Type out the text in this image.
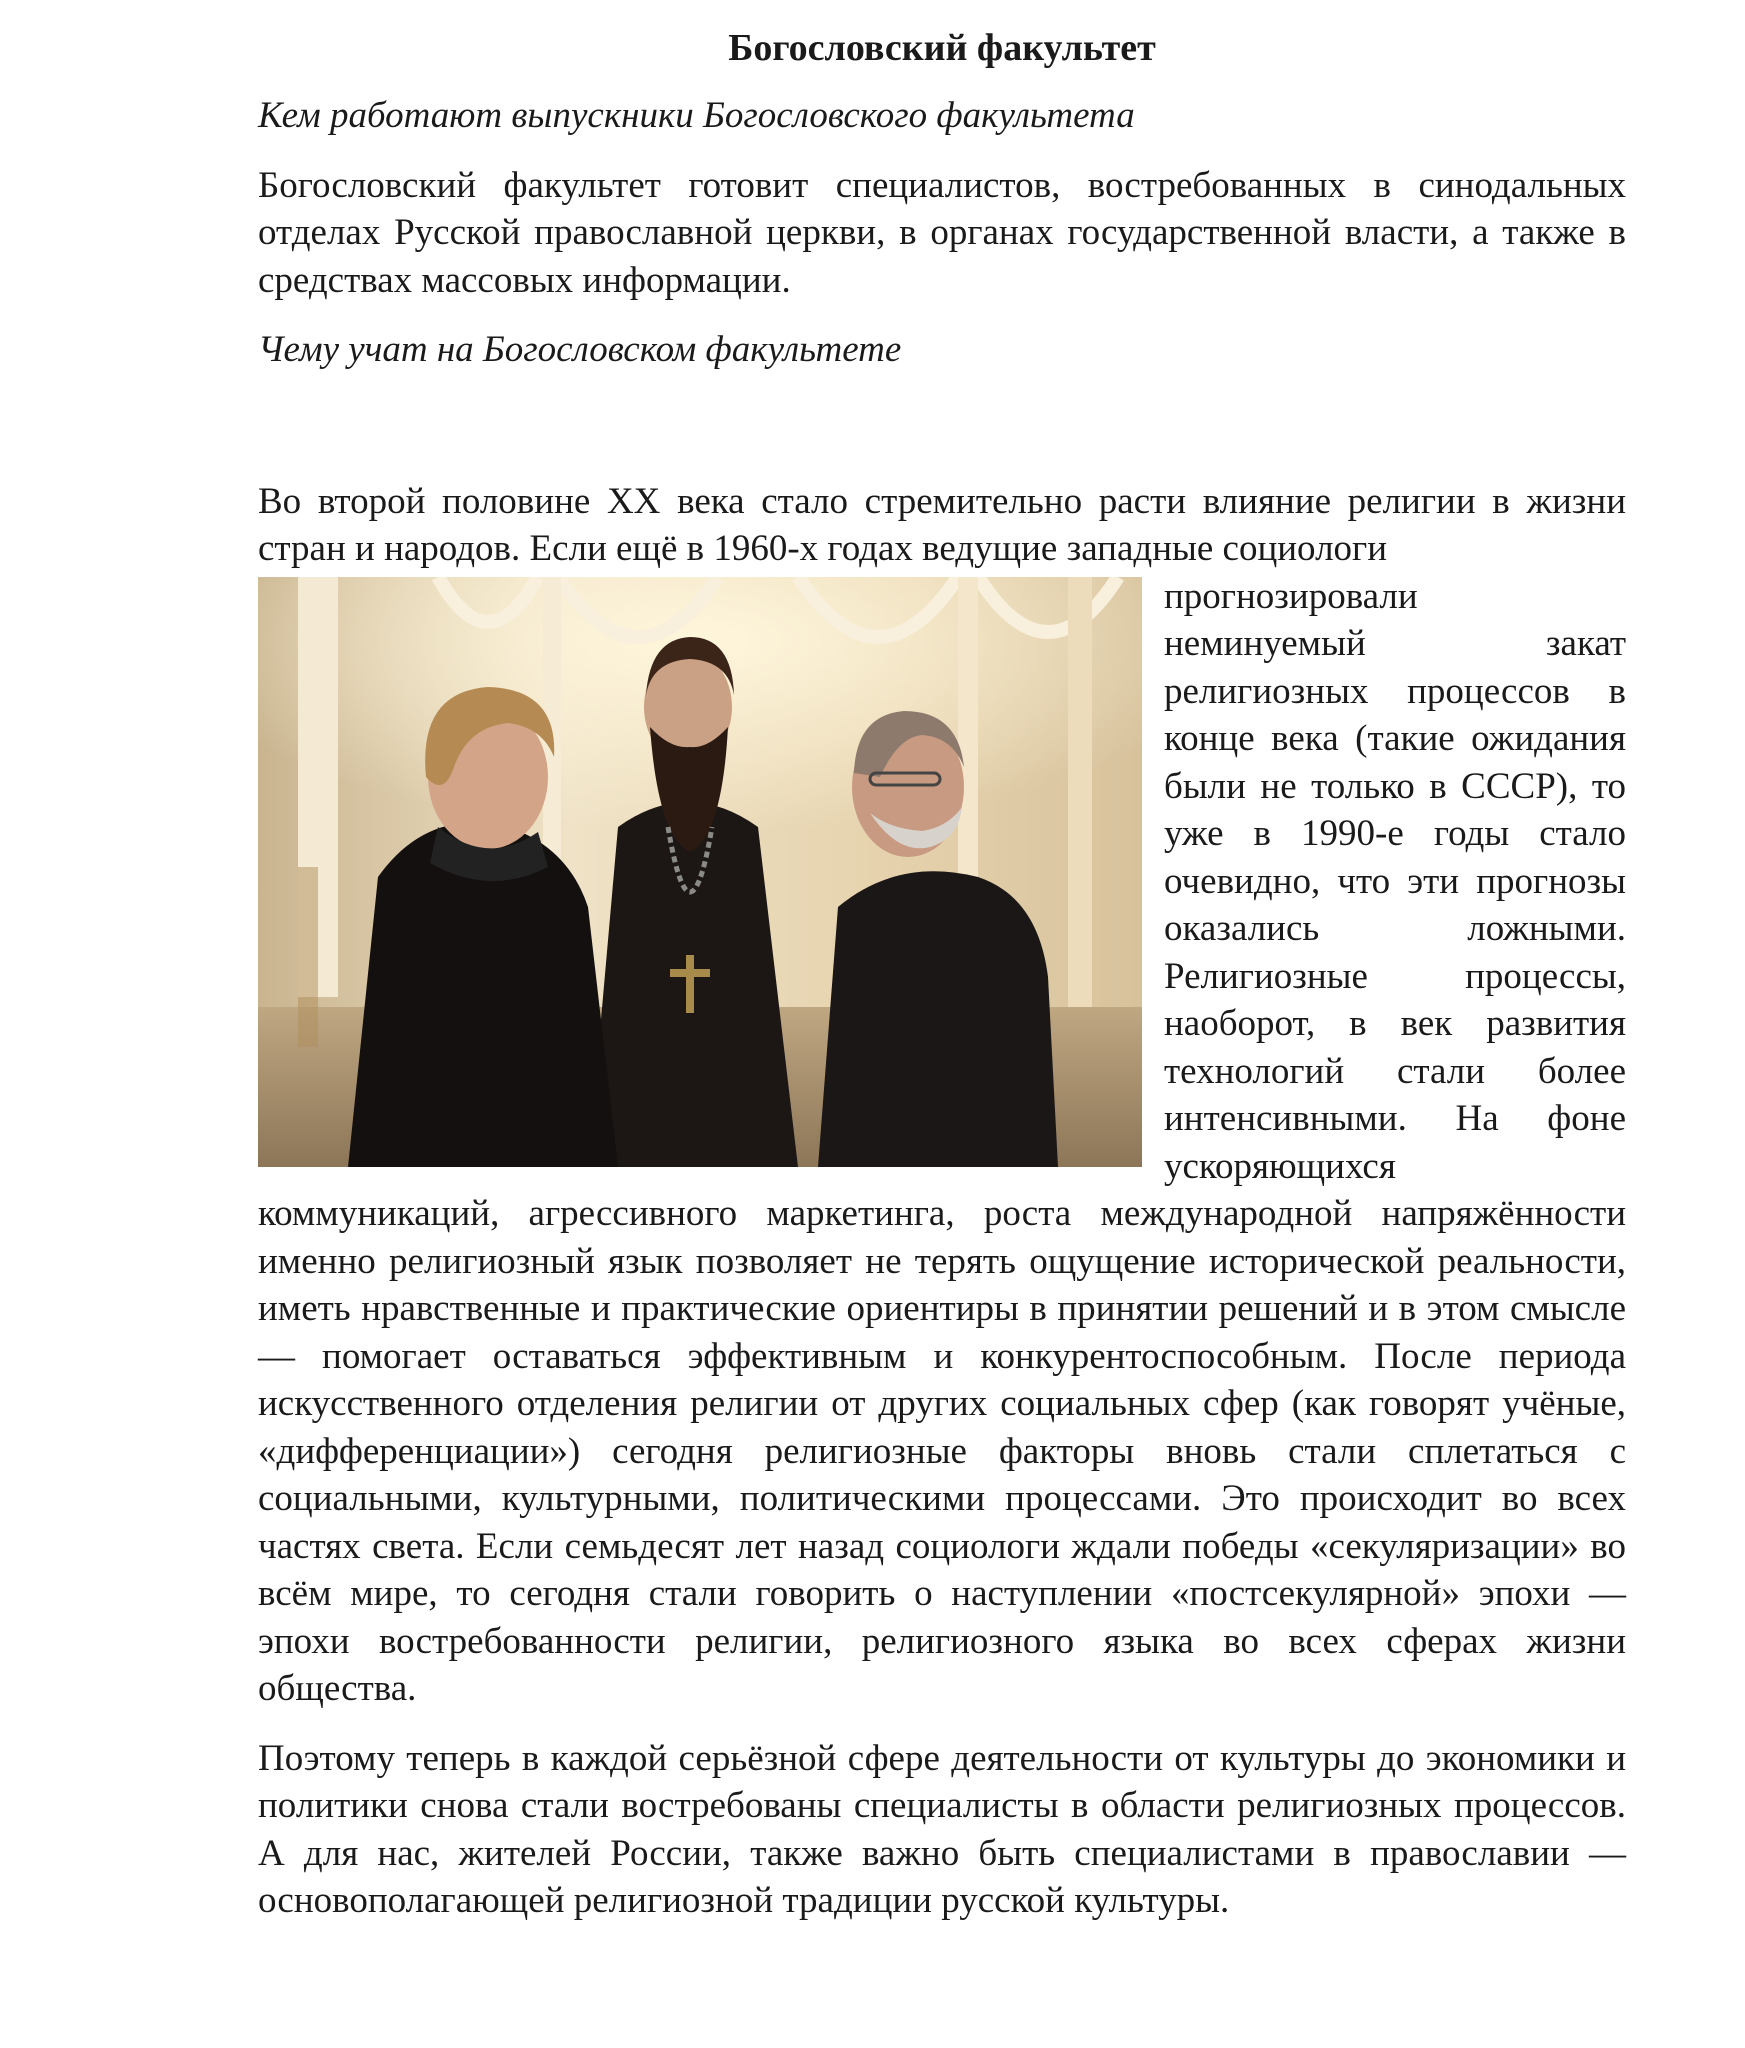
Богословский факультет

Кем работают выпускники Богословского факультета

Богословский факультет готовит специалистов, востребованных в синодальных отделах Русской православной церкви, в органах государственной власти, а также в средствах массовых информации.

Чему учат на Богословском факультете

Во второй половине XX века стало стремительно расти влияние религии в жизни стран и народов. Если ещё в 1960-х годах ведущие западные социологи

прогнозировали неминуемый закат религиозных процессов в конце века (такие ожидания были не только в СССР), то уже в 1990-е годы стало очевидно, что эти прогнозы оказались ложными. Религиозные процессы, наоборот, в век развития технологий стали более интенсивными. На фоне ускоряющихся коммуникаций, агрессивного маркетинга, роста международной напряжённости именно религиозный язык позволяет не терять ощущение исторической реальности, иметь нравственные и практические ориентиры в принятии решений и в этом смысле — помогает оставаться эффективным и конкурентоспособным. После периода искусственного отделения религии от других социальных сфер (как говорят учёные, «дифференциации») сегодня религиозные факторы вновь стали сплетаться с социальными, культурными, политическими процессами. Это происходит во всех частях света. Если семьдесят лет назад социологи ждали победы «секуляризации» во всём мире, то сегодня стали говорить о наступлении «постсекулярной» эпохи — эпохи востребованности религии, религиозного языка во всех сферах жизни общества.

Поэтому теперь в каждой серьёзной сфере деятельности от культуры до экономики и политики снова стали востребованы специалисты в области религиозных процессов. А для нас, жителей России, также важно быть специалистами в православии — основополагающей религиозной традиции русской культуры.
